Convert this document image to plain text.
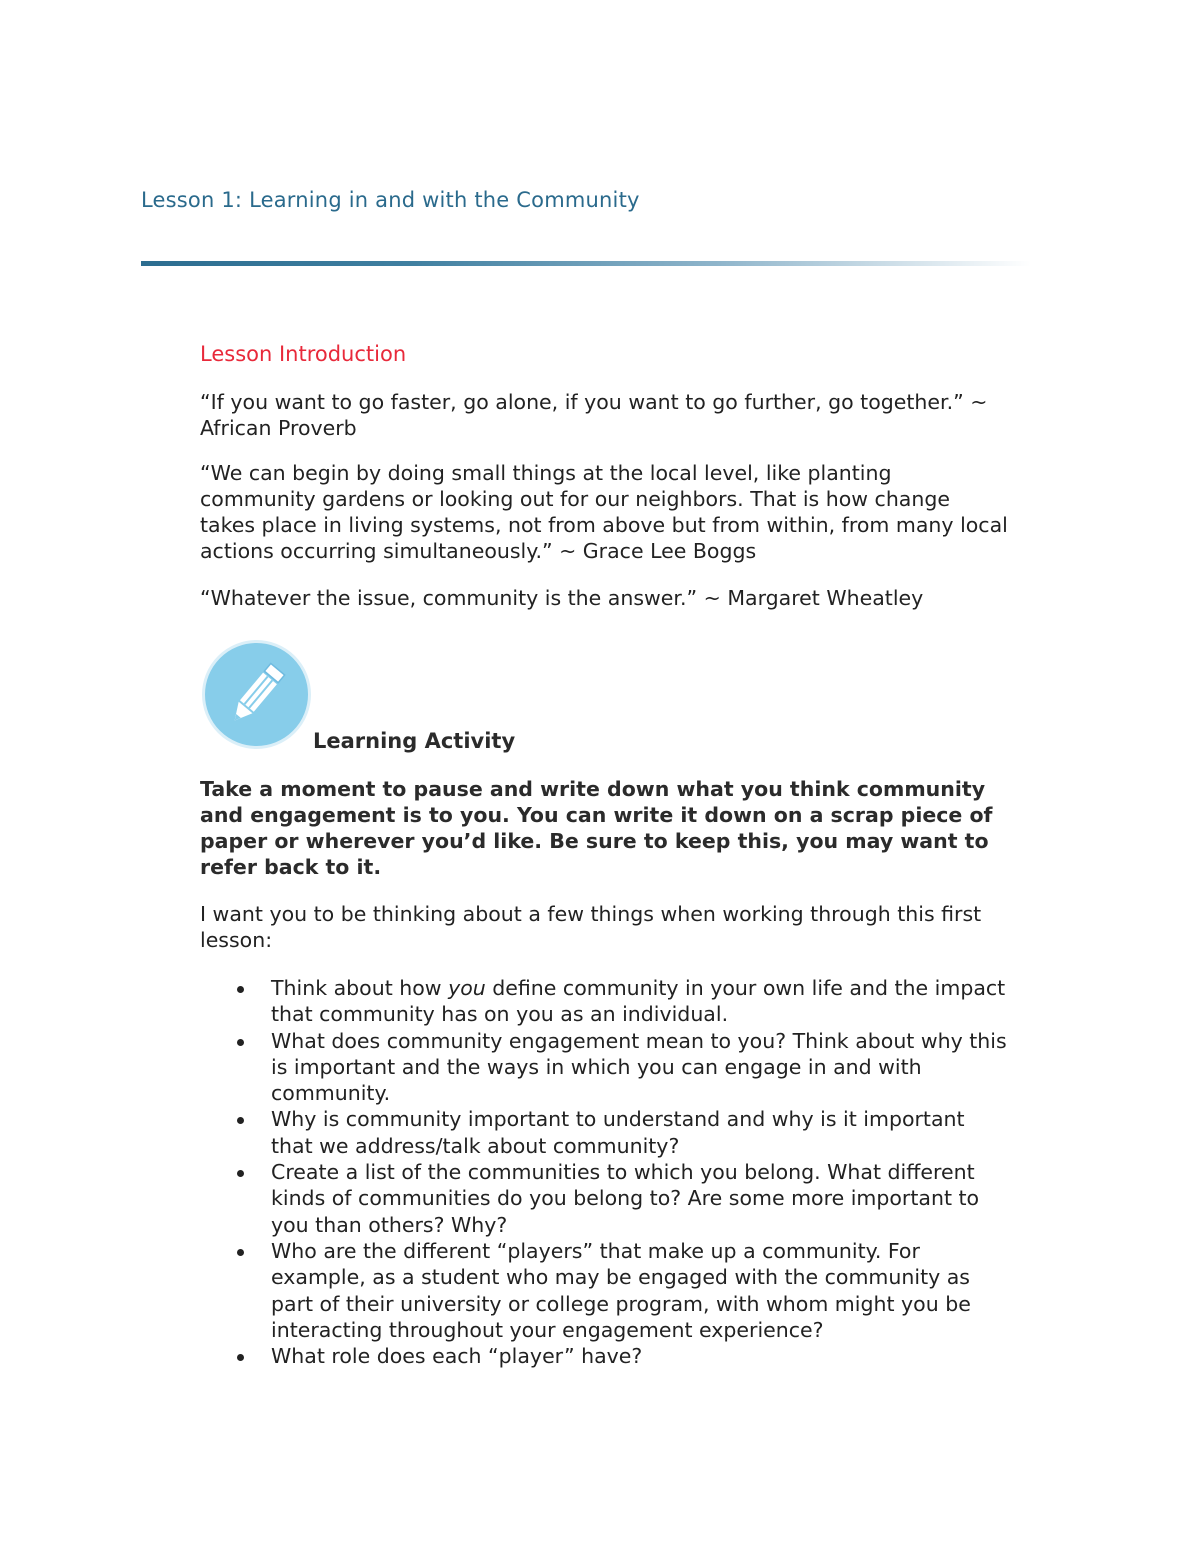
Lesson 1: Learning in and with the Community
Lesson Introduction

“If you want to go faster, go alone, if you want to go further, go together.” ~ African Proverb

“We can begin by doing small things at the local level, like planting community gardens or looking out for our neighbors. That is how change takes place in living systems, not from above but from within, from many local actions occurring simultaneously.” ~ Grace Lee Boggs

“Whatever the issue, community is the answer.” ~ Margaret Wheatley

Learning Activity

Take a moment to pause and write down what you think community and engagement is to you. You can write it down on a scrap piece of paper or wherever you’d like. Be sure to keep this, you may want to refer back to it.

I want you to be thinking about a few things when working through this first lesson:

Think about how you define community in your own life and the impact that community has on you as an individual.
What does community engagement mean to you? Think about why this is important and the ways in which you can engage in and with community.
Why is community important to understand and why is it important that we address/talk about community?
Create a list of the communities to which you belong. What different kinds of communities do you belong to? Are some more important to you than others? Why?
Who are the different “players” that make up a community. For example, as a student who may be engaged with the community as part of their university or college program, with whom might you be interacting throughout your engagement experience?
What role does each “player” have?
